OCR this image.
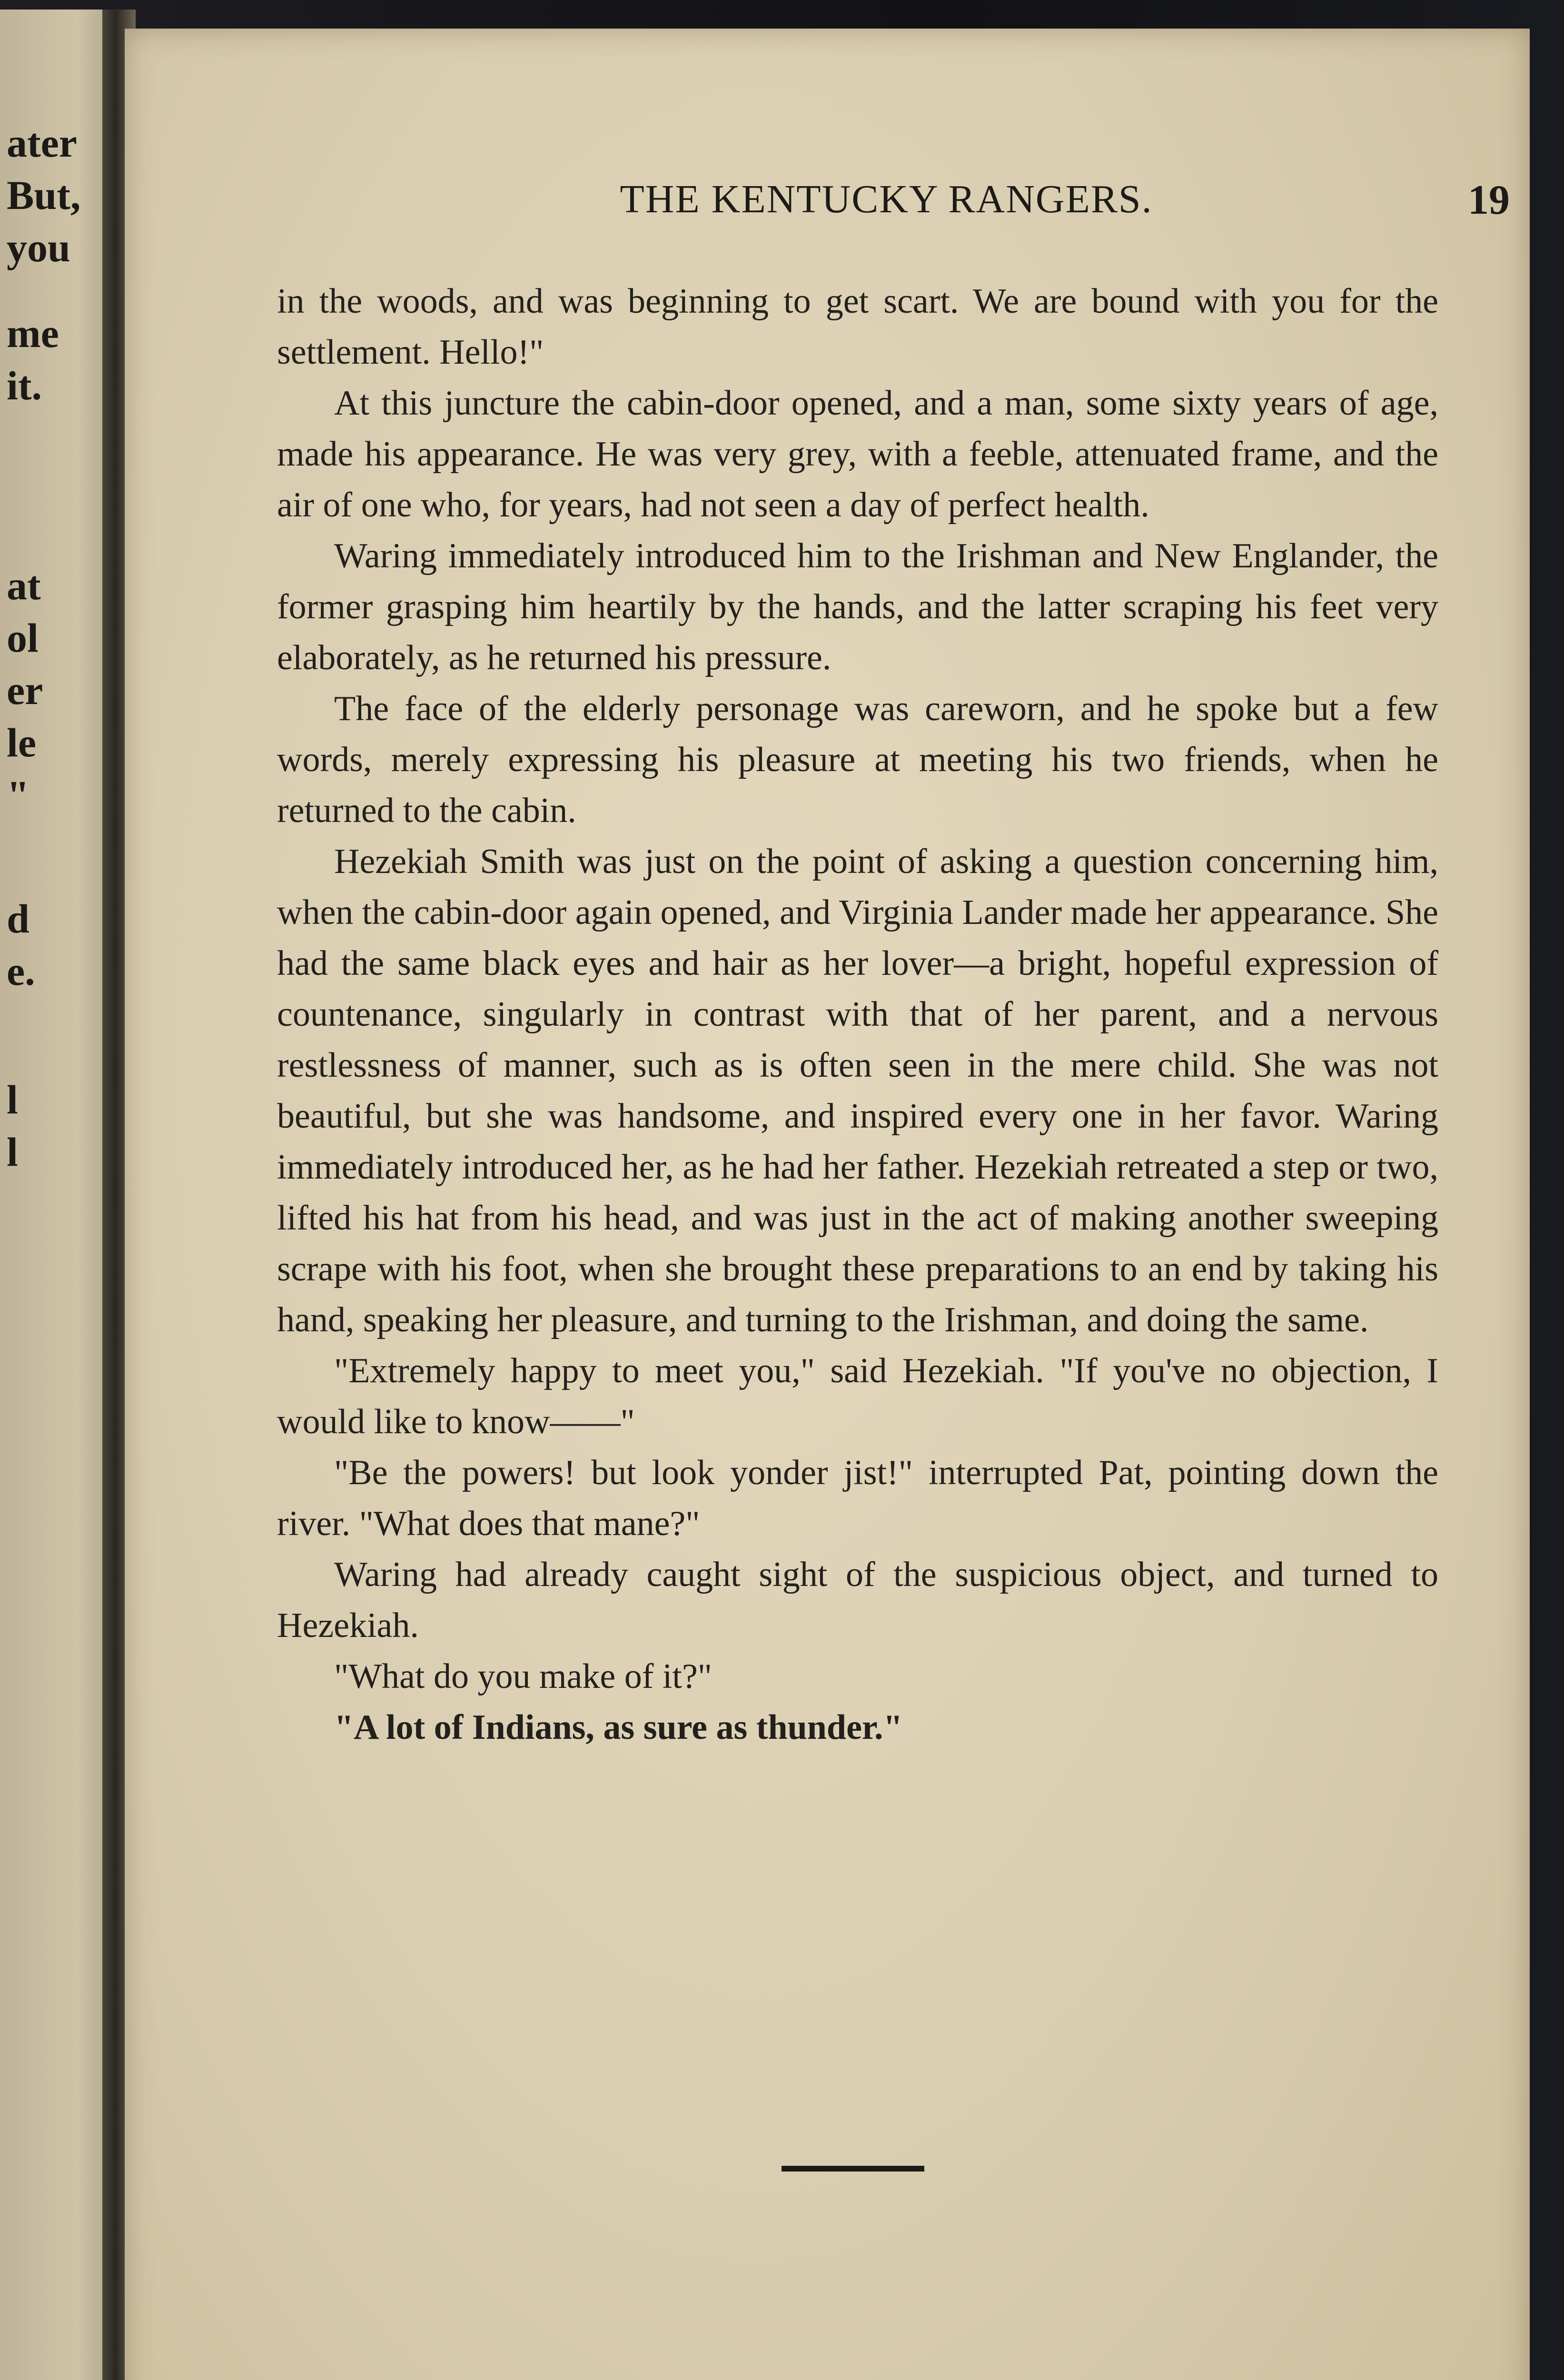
ater
But,
you
me
it.
at
ol
er
le
"
d
e.
l
l
THE KENTUCKY RANGERS.	19

in the woods, and was beginning to get scart. We are bound with you for the settlement. Hello!"

At this juncture the cabin-door opened, and a man, some sixty years of age, made his appearance. He was very grey, with a feeble, attenuated frame, and the air of one who, for years, had not seen a day of perfect health.

Waring immediately introduced him to the Irishman and New Englander, the former grasping him heartily by the hands, and the latter scraping his feet very elaborately, as he returned his pressure.

The face of the elderly personage was careworn, and he spoke but a few words, merely expressing his pleasure at meeting his two friends, when he returned to the cabin.

Hezekiah Smith was just on the point of asking a question concerning him, when the cabin-door again opened, and Virginia Lander made her appearance. She had the same black eyes and hair as her lover—a bright, hopeful expression of countenance, singularly in contrast with that of her parent, and a nervous restlessness of manner, such as is often seen in the mere child. She was not beautiful, but she was handsome, and inspired every one in her favor. Waring immediately introduced her, as he had her father. Hezekiah retreated a step or two, lifted his hat from his head, and was just in the act of making another sweeping scrape with his foot, when she brought these preparations to an end by taking his hand, speaking her pleasure, and turning to the Irishman, and doing the same.

"Extremely happy to meet you," said Hezekiah. "If you've no objection, I would like to know——"

"Be the powers! but look yonder jist!" interrupted Pat, pointing down the river. "What does that mane?"

Waring had already caught sight of the suspicious object, and turned to Hezekiah.

"What do you make of it?"

"A lot of Indians, as sure as thunder."
